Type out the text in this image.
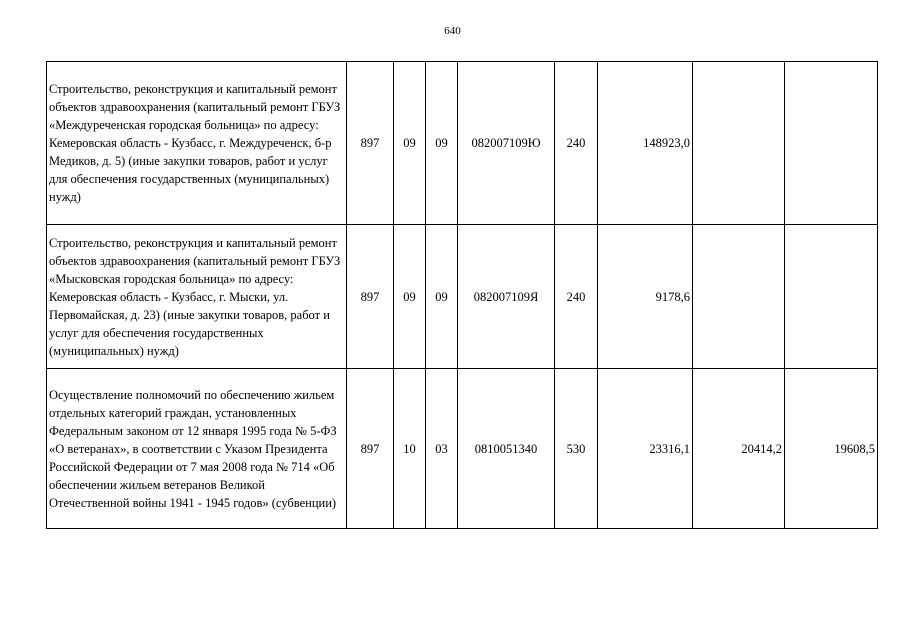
640
Строительство, реконструкция и капитальный ремонт объектов здравоохранения (капитальный ремонт ГБУЗ «Междуреченская городская больница» по адресу: Кемеровская область - Кузбасс, г. Междуреченск, б-р Медиков, д. 5) (иные закупки товаров, работ и услуг для обеспечения государственных (муниципальных) нужд)	897	09	09	082007109Ю	240	148923,0		
Строительство, реконструкция и капитальный ремонт объектов здравоохранения (капитальный ремонт ГБУЗ «Мысковская городская больница» по адресу: Кемеровская область - Кузбасс, г. Мыски, ул. Первомайская, д. 23) (иные закупки товаров, работ и услуг для обеспечения государственных (муниципальных) нужд)	897	09	09	082007109Я	240	9178,6		
Осуществление полномочий по обеспечению жильем отдельных категорий граждан, установленных Федеральным законом от 12 января 1995 года № 5-ФЗ «О ветеранах», в соответствии с Указом Президента Российской Федерации от 7 мая 2008 года № 714 «Об обеспечении жильем ветеранов Великой Отечественной войны 1941 - 1945 годов» (субвенции)	897	10	03	0810051340	530	23316,1	20414,2	19608,5
